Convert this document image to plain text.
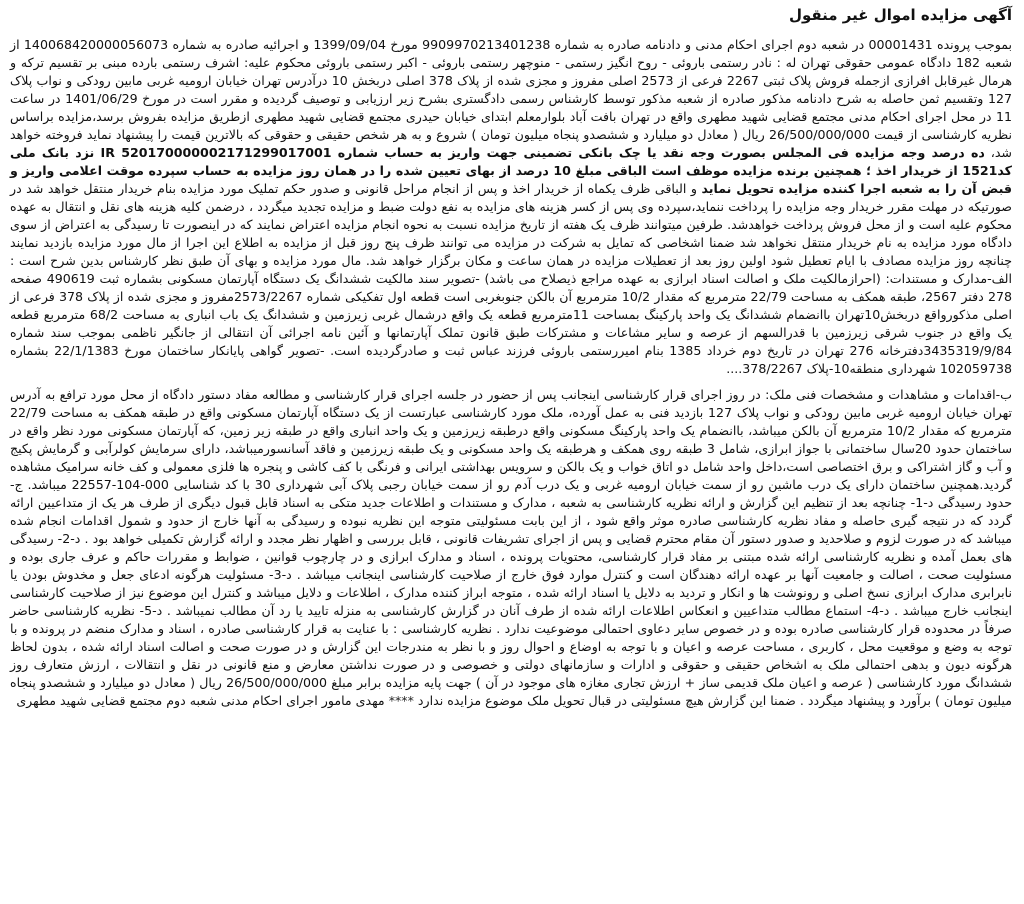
آگهی مزایده اموال غیر منقول

بموجب پرونده 00001431 در شعبه دوم اجرای احکام مدنی و دادنامه صادره به شماره 9909970213401238 مورخ 1399/09/04 و اجرائیه صادره به شماره 140068420000056073 از شعبه 182 دادگاه عمومی حقوقی تهران له : نادر رستمی باروئی - روح انگیز رستمی - منوچهر رستمی باروئی - اکبر رستمی باروئی محکوم علیه: اشرف رستمی بارده مبنی بر تقسیم ترکه و هرمال غیرقابل افرازی ازجمله فروش پلاک ثبتی 2267 فرعی از 2573 اصلی مفروز و مجزی شده از پلاک 378 اصلی دربخش 10 درآدرس تهران خیابان ارومیه غربی مابین رودکی و نواب پلاک 127 وتقسیم ثمن حاصله به شرح دادنامه مذکور صادره از شعبه مذکور توسط کارشناس رسمی دادگستری بشرح زیر ارزیابی و توصیف گردیده و مقرر است در مورخ 1401/06/29 در ساعت 11 در محل اجرای احکام مدنی مجتمع قضایی شهید مطهری واقع در تهران بافت آباد بلوارمعلم ابتدای خیابان حیدری مجتمع قضایی شهید مطهری ازطریق مزایده بفروش برسد،مزایده براساس نظریه کارشناسی از قیمت 26/500/000/000 ریال ( معادل دو میلیارد و ششصدو پنجاه میلیون تومان ) شروع و به هر شخص حقیقی و حقوقی که بالاترین قیمت را پیشنهاد نماید فروخته خواهد شد، ده درصد وجه مزایده فی المجلس بصورت وجه نقد یا چک بانکی تضمینی جهت واریز به حساب شماره 520170000002171299017001 IR نزد بانک ملی کد1521 از خریدار اخذ ؛ همچنین برنده مزایده موظف است الباقی مبلغ 10 درصد از بهای تعیین شده را در همان روز مزایده به حساب سپرده موقت اعلامی واریز و قبض آن را به شعبه اجرا کننده مزایده تحویل نماید و الباقی ظرف یکماه از خریدار اخذ و پس از انجام مراحل قانونی و صدور حکم تملیک مورد مزایده بنام خریدار منتقل خواهد شد در صورتیکه در مهلت مقرر خریدار وجه مزایده را پرداخت ننماید،سپرده وی پس از کسر هزینه های مزایده به نفع دولت ضبط و مزایده تجدید میگردد ، درضمن کلیه هزینه های نقل و انتقال به عهده محکوم علیه است و از محل فروش پرداخت خواهدشد. طرفین میتوانند ظرف یک هفته از تاریخ مزایده نسبت به نحوه انجام مزایده اعتراض نمایند که در اینصورت تا رسیدگی به اعتراض از سوی دادگاه مورد مزایده به نام خریدار منتقل نخواهد شد ضمنا اشخاصی که تمایل به شرکت در مزایده می توانند ظرف پنج روز قبل از مزایده به اطلاع این اجرا از مال مورد مزایده بازدید نمایند چنانچه روز مزایده مصادف با ایام تعطیل شود اولین روز بعد از تعطیلات مزایده در همان ساعت و مکان برگزار خواهد شد. مال مورد مزایده و بهای آن طبق نظر کارشناس بدین شرح است : الف-مدارک و مستندات: (احرازمالکیت ملک و اصالت اسناد ابرازی به عهده مراجع ذیصلاح می باشد) -تصویر سند مالکیت ششدانگ یک دستگاه آپارتمان مسکونی بشماره ثبت 490619 صفحه 278 دفتر 2567، طبقه همکف به مساحت 22/79 مترمربع که مقدار 10/2 مترمربع آن بالکن جنوبغربی است قطعه اول تفکیکی شماره 2573/2267مفروز و مجزی شده از پلاک 378 فرعی از اصلی مذکورواقع دربخش10تهران باانضمام ششدانگ یک واحد پارکینگ بمساحت 11مترمربع قطعه یک واقع درشمال غربی زیرزمین و ششدانگ یک باب انباری به مساحت 68/2 مترمربع قطعه یک واقع در جنوب شرقی زیرزمین با قدرالسهم از عرصه و سایر مشاعات و مشترکات طبق قانون تملک آپارتمانها و آئین نامه اجرائی آن انتقالی از جانگیر ناظمی بموجب سند شماره 3435319/9/84دفترخانه 276 تهران در تاریخ دوم خرداد 1385 بنام امیررستمی باروئی فرزند عباس ثبت و صادرگردیده است. -تصویر گواهی پایانکار ساختمان مورخ 22/1/1383 بشماره 102059738 شهرداری منطقه10-پلاک 378/2267....

ب-اقدامات و مشاهدات و مشخصات فنی ملک: در روز اجرای قرار کارشناسی اینجانب پس از حضور در جلسه اجرای قرار کارشناسی و مطالعه مفاد دستور دادگاه از محل مورد ترافع به آدرس تهران خیابان ارومیه غربی مابین رودکی و نواب پلاک 127 بازدید فنی به عمل آورده، ملک مورد کارشناسی عبارتست از یک دستگاه آپارتمان مسکونی واقع در طبقه همکف به مساحت 22/79 مترمربع که مقدار 10/2 مترمربع آن بالکن میباشد، باانضمام یک واحد پارکینگ مسکونی واقع درطبقه زیرزمین و یک واحد انباری واقع در طبقه زیر زمین، که آپارتمان مسکونی مورد نظر واقع در ساختمان حدود 20سال ساختمانی با جواز ابرازی، شامل 3 طبقه روی همکف و هرطبقه یک واحد مسکونی و یک طبقه زیرزمین و فاقد آسانسورمیباشد، دارای سرمایش کولرآبی و گرمایش پکیج و آب و گاز اشتراکی و برق اختصاصی است،داخل واحد شامل دو اتاق خواب و یک بالکن و سرویس بهداشتی ایرانی و فرنگی با کف کاشی و پنجره ها فلزی معمولی و کف خانه سرامیک مشاهده گردید.همچنین ساختمان دارای یک درب ماشین رو از سمت خیابان ارومیه غربی و یک درب آدم رو از سمت خیابان رجبی پلاک آبی شهرداری 30 با کد شناسایی 000-104-22557 میباشد. ج- حدود رسیدگی د-1- چنانچه بعد از تنظیم این گزارش و ارائه نظریه کارشناسی به شعبه ، مدارک و مستندات و اطلاعات جدید متکی به اسناد قابل قبول دیگری از طرف هر یک از متداعیین ارائه گردد که در نتیجه گیری حاصله و مفاد نظریه کارشناسی صادره موثر واقع شود ، از این بابت مسئولیتی متوجه این نظریه نبوده و رسیدگی به آنها خارج از حدود و شمول اقدامات انجام شده میباشد که در صورت لزوم و صلاحدید و صدور دستور آن مقام محترم قضایی و پس از اجرای تشریفات قانونی ، قابل بررسی و اظهار نظر مجدد و ارائه گزارش تکمیلی خواهد بود . د-2- رسیدگی های بعمل آمده و نظریه کارشناسی ارائه شده مبتنی بر مفاد قرار کارشناسی، محتویات پرونده ، اسناد و مدارک ابرازی و در چارچوب قوانین ، ضوابط و مقررات حاکم و عرف جاری بوده و مسئولیت صحت ، اصالت و جامعیت آنها بر عهده ارائه دهندگان است و کنترل موارد فوق خارج از صلاحیت کارشناسی اینجانب میباشد . د-3- مسئولیت هرگونه ادعای جعل و مخدوش بودن یا نابرابری مدارک ابرازی نسخ اصلی و رونوشت ها و انکار و تردید به دلایل یا اسناد ارائه شده ، متوجه ابراز کننده مدارک ، اطلاعات و دلایل میباشد و کنترل این موضوع نیز از صلاحیت کارشناسی اینجانب خارج میباشد . د-4- استماع مطالب متداعیین و انعکاس اطلاعات ارائه شده از طرف آنان در گزارش کارشناسی به منزله تایید یا رد آن مطالب نمیباشد . د-5- نظریه کارشناسی حاضر صرفاً در محدوده قرار کارشناسی صادره بوده و در خصوص سایر دعاوی احتمالی موضوعیت ندارد . نظریه کارشناسی : با عنایت به قرار کارشناسی صادره ، اسناد و مدارک منضم در پرونده و با توجه به وضع و موقعیت محل ، کاربری ، مساحت عرصه و اعیان و با توجه به اوضاع و احوال روز و با نظر به مندرجات این گزارش و در صورت صحت و اصالت اسناد ارائه شده ، بدون لحاظ هرگونه دیون و بدهی احتمالی ملک به اشخاص حقیقی و حقوقی و ادارات و سازمانهای دولتی و خصوصی و در صورت نداشتن معارض و منع قانونی در نقل و انتقالات ، ارزش متعارف روز ششدانگ مورد کارشناسی ( عرصه و اعیان ملک قدیمی ساز + ارزش تجاری مغازه های موجود در آن ) جهت پایه مزایده برابر مبلغ 26/500/000/000 ریال ( معادل دو میلیارد و ششصدو پنجاه میلیون تومان ) برآورد و پیشنهاد میگردد . ضمنا این گزارش هیچ مسئولیتی در قبال تحویل ملک موضوع مزایده ندارد **** مهدی مامور اجرای احکام مدنی شعبه دوم مجتمع قضایی شهید مطهری
